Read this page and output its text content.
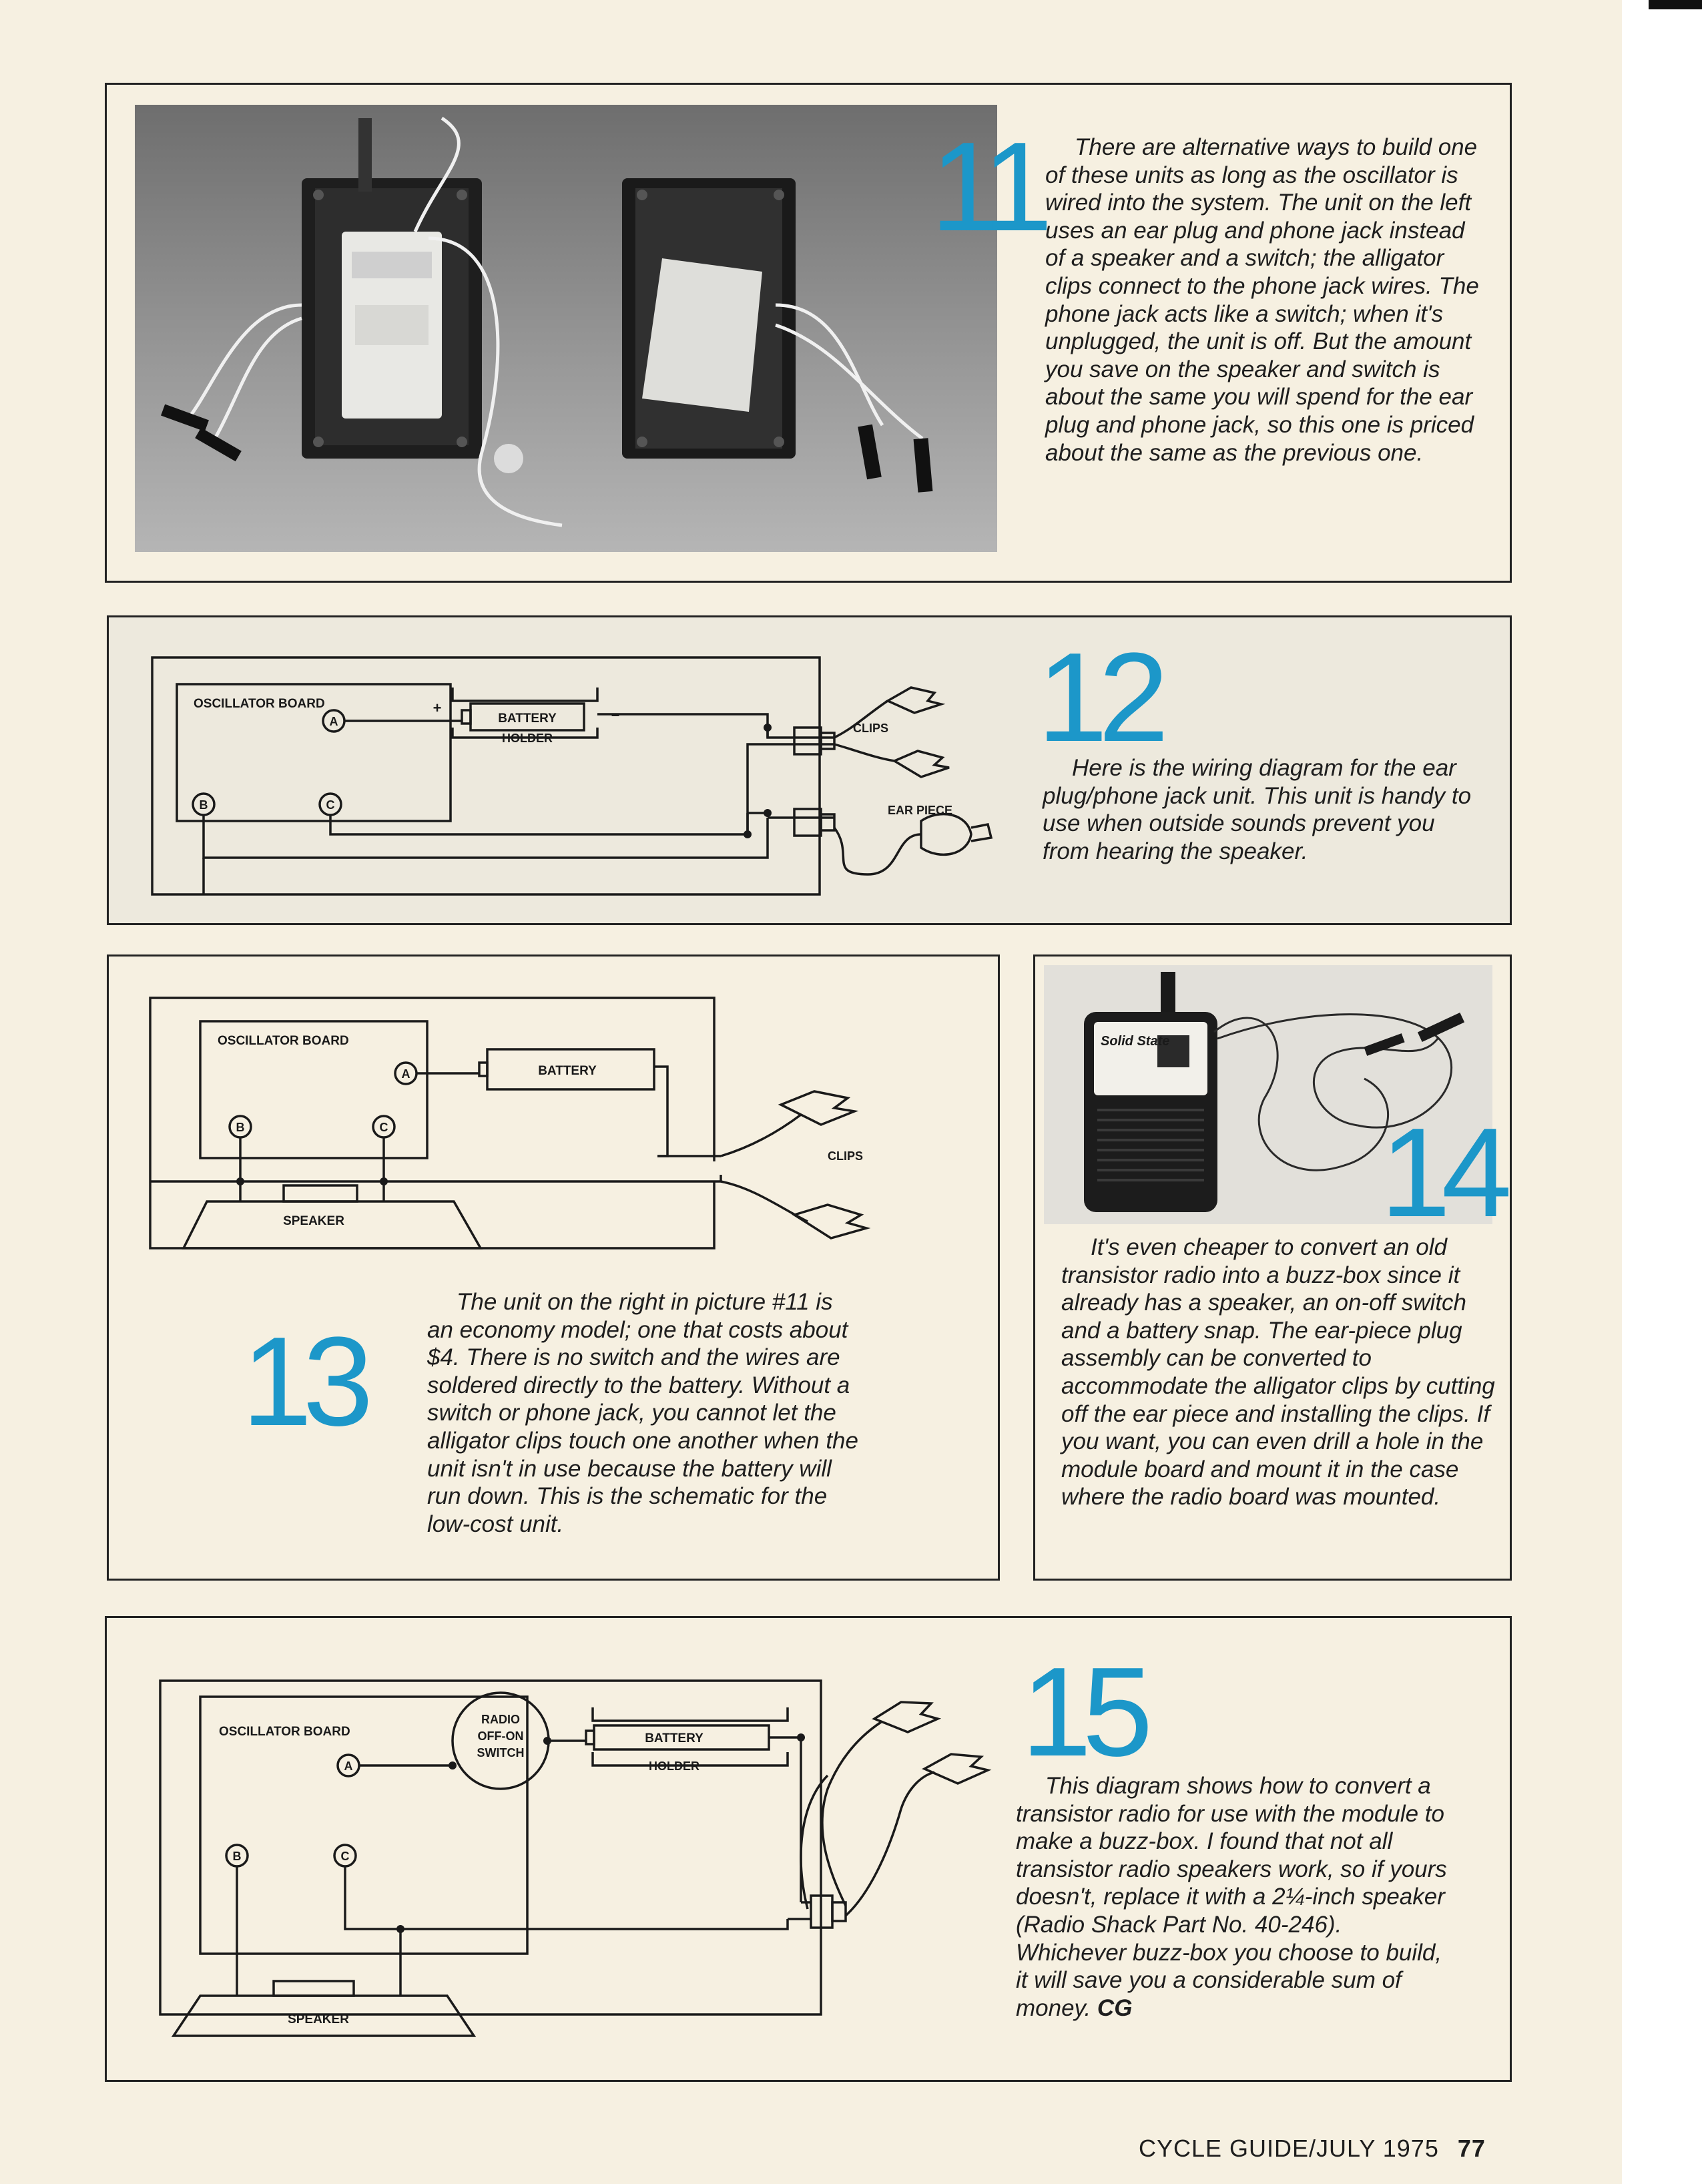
11	There are alternative ways to build one of these units as long as the oscillator is wired into the system. The unit on the left uses an ear plug and phone jack instead of a speaker and a switch; the alligator clips connect to the phone jack wires. The phone jack acts like a switch; when it's unplugged, the unit is off. But the amount you save on the speaker and switch is about the same you will spend for the ear plug and phone jack, so this one is priced about the same as the previous one.
OSCILLATOR BOARD
A
B	C
BATTERY
HOLDER
+	–
CLIPS
EAR PIECE
12
Here is the wiring diagram for the ear plug/phone jack unit. This unit is handy to use when outside sounds prevent you from hearing the speaker.
OSCILLATOR BOARD
A
B	C
BATTERY
SPEAKER
CLIPS
13
The unit on the right in picture #11 is an economy model; one that costs about $4. There is no switch and the wires are soldered directly to the battery. Without a switch or phone jack, you cannot let the alligator clips touch one another when the unit isn't in use because the battery will run down. This is the schematic for the low-cost unit.
Solid State
14
It's even cheaper to convert an old transistor radio into a buzz-box since it already has a speaker, an on-off switch and a battery snap. The ear-piece plug assembly can be converted to accommodate the alligator clips by cutting off the ear piece and installing the clips. If you want, you can even drill a hole in the module board and mount it in the case where the radio board was mounted.
OSCILLATOR BOARD
A
B	C
RADIO
OFF-ON
SWITCH
BATTERY
HOLDER
SPEAKER
15
This diagram shows how to convert a transistor radio for use with the module to make a buzz-box. I found that not all transistor radio speakers work, so if yours doesn't, replace it with a 2¼-inch speaker (Radio Shack Part No. 40-246). Whichever buzz-box you choose to build, it will save you a considerable sum of money. CG
CYCLE GUIDE/JULY 1975 77
